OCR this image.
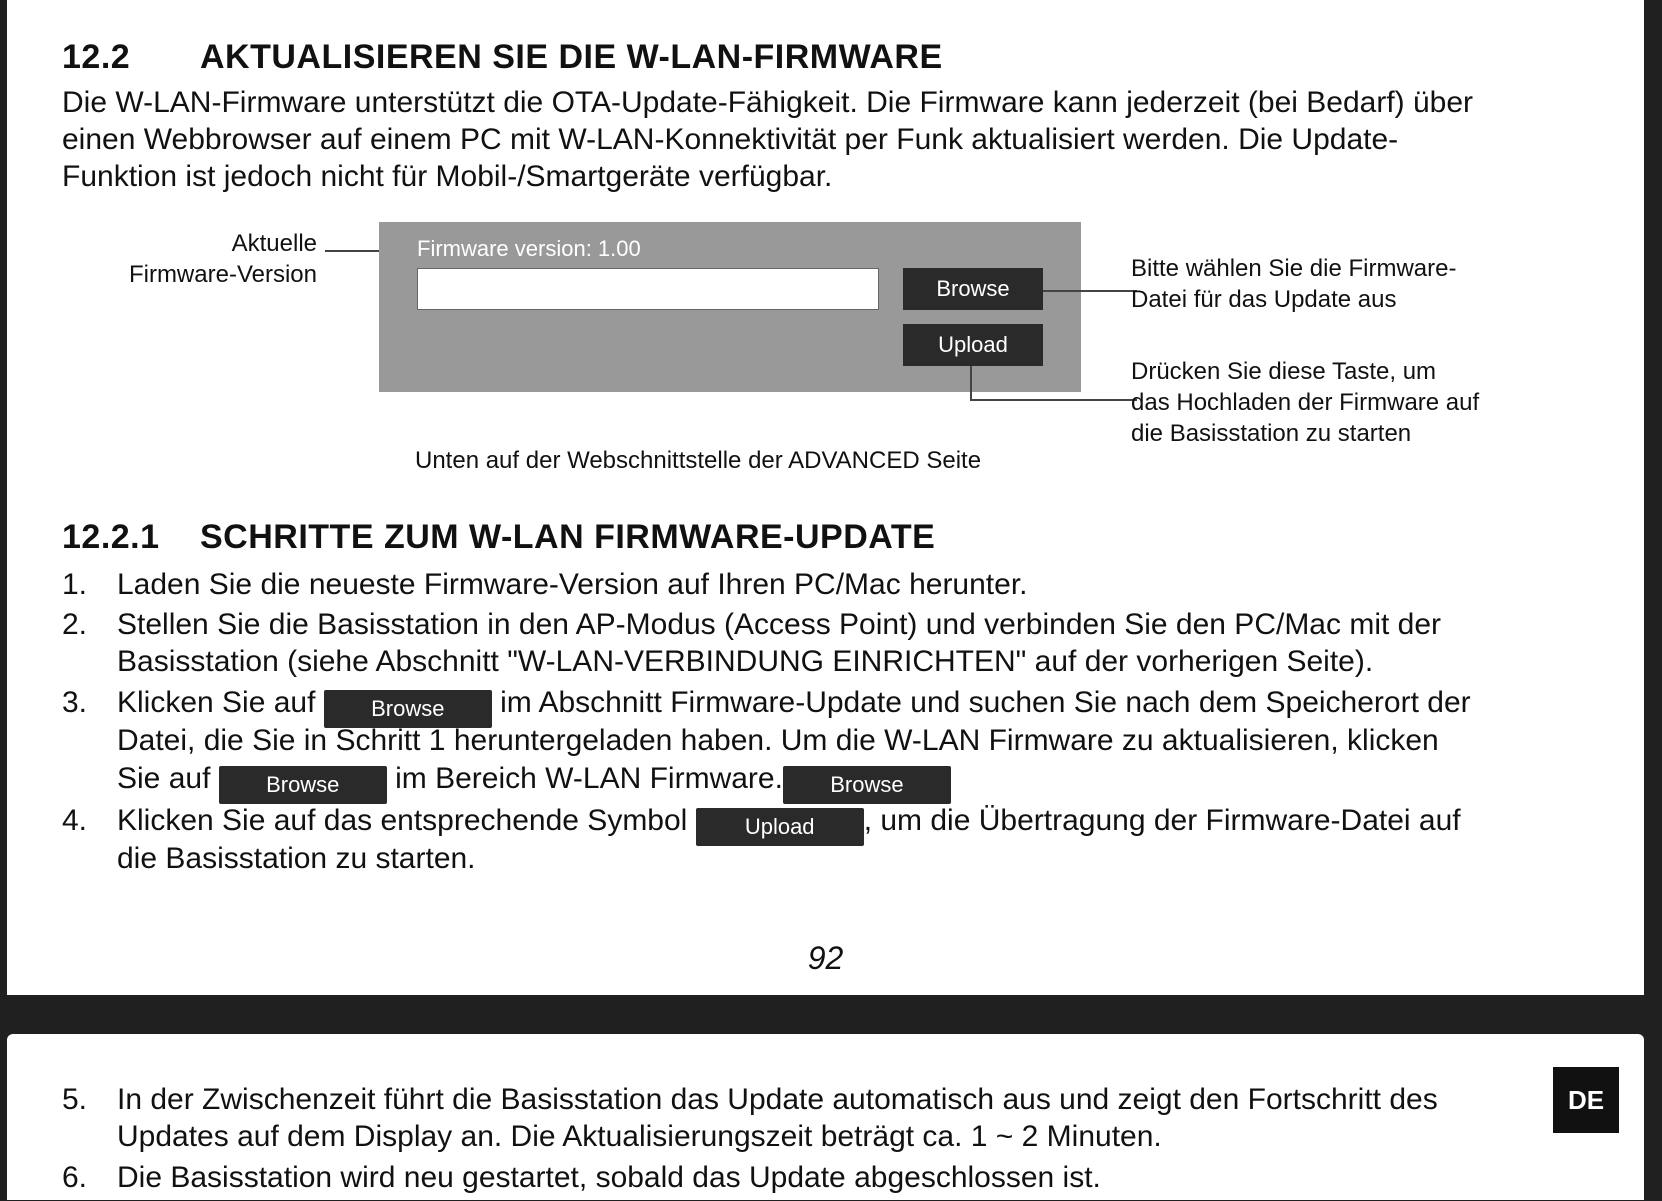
12.2 AKTUALISIEREN SIE DIE W-LAN-FIRMWARE
Die W-LAN-Firmware unterstützt die OTA-Update-Fähigkeit. Die Firmware kann jederzeit (bei Bedarf) über
einen Webbrowser auf einem PC mit W-LAN-Konnektivität per Funk aktualisiert werden. Die Update-
Funktion ist jedoch nicht für Mobil-/Smartgeräte verfügbar.
Aktuelle
Firmware-Version
Firmware version: 1.00
Browse
Upload
Bitte wählen Sie die Firmware-
Datei für das Update aus
Drücken Sie diese Taste, um
das Hochladen der Firmware auf
die Basisstation zu starten
Unten auf der Webschnittstelle der ADVANCED Seite
12.2.1 SCHRITTE ZUM W-LAN FIRMWARE-UPDATE
1. Laden Sie die neueste Firmware-Version auf Ihren PC/Mac herunter.
2. Stellen Sie die Basisstation in den AP-Modus (Access Point) und verbinden Sie den PC/Mac mit der
Basisstation (siehe Abschnitt "W-LAN-VERBINDUNG EINRICHTEN" auf der vorherigen Seite).
3. Klicken Sie auf	Browse im Abschnitt Firmware-Update und suchen Sie nach dem Speicherort der
Datei, die Sie in Schritt 1 heruntergeladen haben. Um die W-LAN Firmware zu aktualisieren, klicken
Sie auf	Browse im Bereich W-LAN Firmware. Browse
4. Klicken Sie auf das entsprechende Symbol	Upload , um die Übertragung der Firmware-Datei auf
die Basisstation zu starten.
92
5. In der Zwischenzeit führt die Basisstation das Update automatisch aus und zeigt den Fortschritt des
Updates auf dem Display an. Die Aktualisierungszeit beträgt ca. 1 ~ 2 Minuten.
6. Die Basisstation wird neu gestartet, sobald das Update abgeschlossen ist.
DE
